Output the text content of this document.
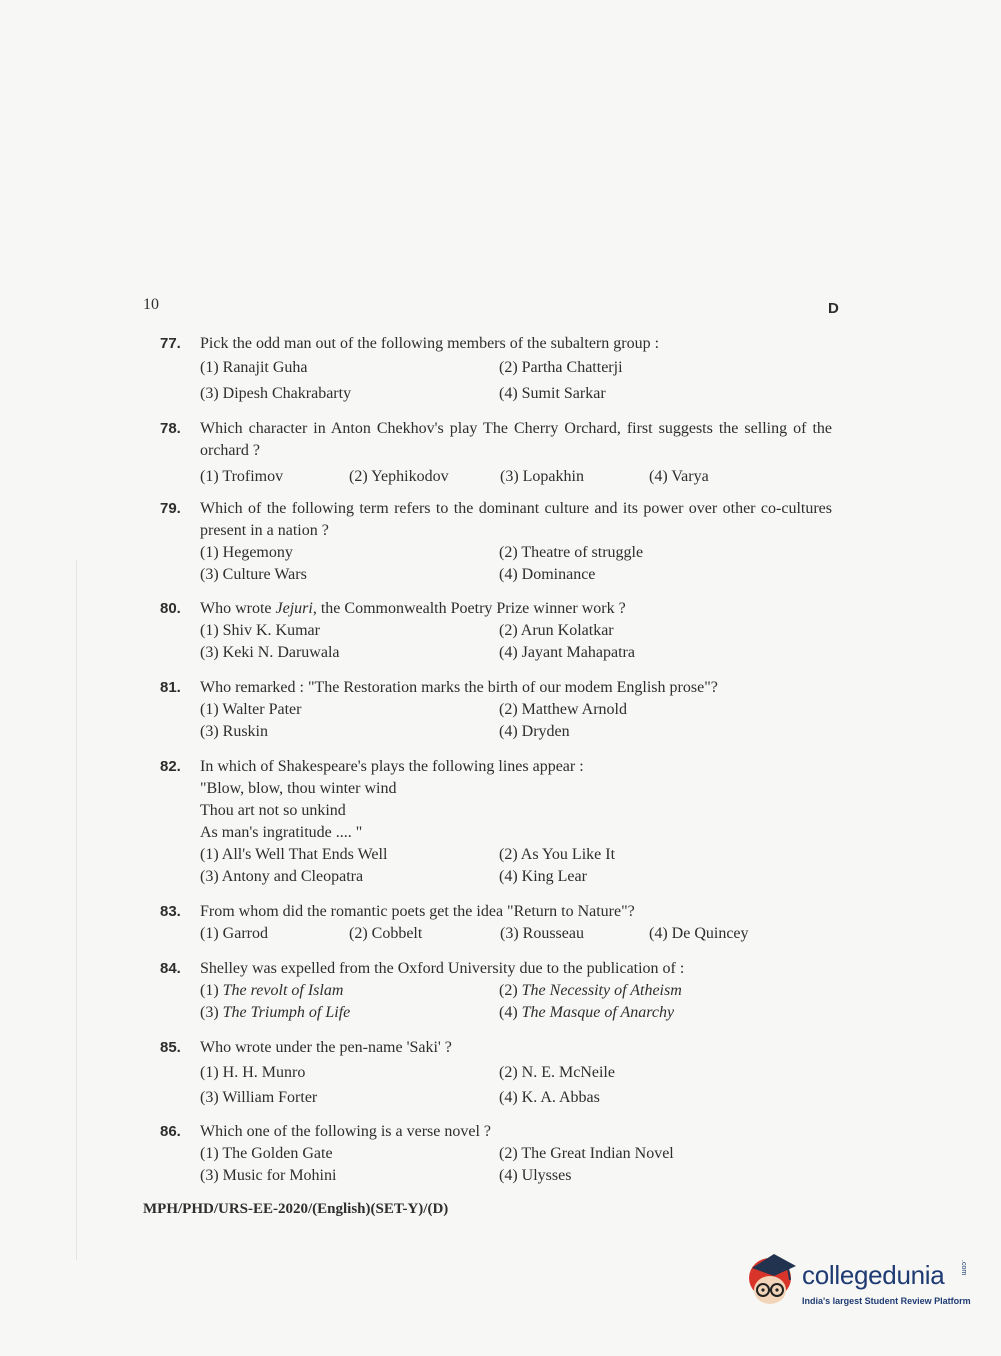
10	D
77. Pick the odd man out of the following members of the subaltern group :
(1) Ranajit Guha	(2) Partha Chatterji
(3) Dipesh Chakrabarty	(4) Sumit Sarkar
78. Which character in Anton Chekhov's play The Cherry Orchard, first suggests the selling of the orchard ?
(1) Trofimov	(2) Yephikodov	(3) Lopakhin	(4) Varya
79. Which of the following term refers to the dominant culture and its power over other co-cultures present in a nation ?
(1) Hegemony	(2) Theatre of struggle
(3) Culture Wars	(4) Dominance
80. Who wrote Jejuri, the Commonwealth Poetry Prize winner work ?
(1) Shiv K. Kumar	(2) Arun Kolatkar
(3) Keki N. Daruwala	(4) Jayant Mahapatra
81. Who remarked : "The Restoration marks the birth of our modem English prose"?
(1) Walter Pater	(2) Matthew Arnold
(3) Ruskin	(4) Dryden
82. In which of Shakespeare's plays the following lines appear :
"Blow, blow, thou winter wind
Thou art not so unkind
As man's ingratitude .... "
(1) All's Well That Ends Well	(2) As You Like It
(3) Antony and Cleopatra	(4) King Lear
83. From whom did the romantic poets get the idea "Return to Nature"?
(1) Garrod	(2) Cobbelt	(3) Rousseau	(4) De Quincey
84. Shelley was expelled from the Oxford University due to the publication of :
(1) The revolt of Islam	(2) The Necessity of Atheism
(3) The Triumph of Life	(4) The Masque of Anarchy
85. Who wrote under the pen-name 'Saki' ?
(1) H. H. Munro	(2) N. E. McNeile
(3) William Forter	(4) K. A. Abbas
86. Which one of the following is a verse novel ?
(1) The Golden Gate	(2) The Great Indian Novel
(3) Music for Mohini	(4) Ulysses
MPH/PHD/URS-EE-2020/(English)(SET-Y)/(D)
collegedunia .com
India's largest Student Review Platform
